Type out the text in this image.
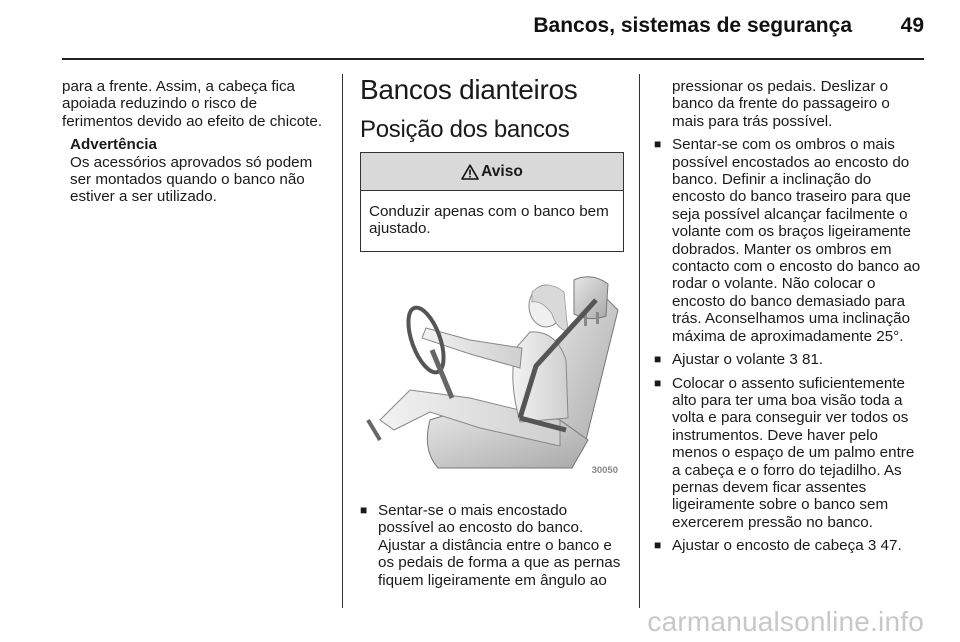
Bancos, sistemas de segurança 49

para a frente. Assim, a cabeça fica apoiada reduzindo o risco de ferimentos devido ao efeito de chicote.

Advertência
Os acessórios aprovados só podem ser montados quando o banco não estiver a ser utilizado.
Bancos dianteiros
Posição dos bancos
Aviso
Conduzir apenas com o banco bem ajustado.
30050
■ Sentar-se o mais encostado possível ao encosto do banco. Ajustar a distância entre o banco e os pedais de forma a que as pernas fiquem ligeiramente em ângulo ao
pressionar os pedais. Deslizar o banco da frente do passageiro o mais para trás possível.
■ Sentar-se com os ombros o mais possível encostados ao encosto do banco. Definir a inclinação do encosto do banco traseiro para que seja possível alcançar facilmente o volante com os braços ligeiramente dobrados. Manter os ombros em contacto com o encosto do banco ao rodar o volante. Não colocar o encosto do banco demasiado para trás. Aconselhamos uma inclinação máxima de aproximadamente 25°.
■ Ajustar o volante 3 81.
■ Colocar o assento suficientemente alto para ter uma boa visão toda a volta e para conseguir ver todos os instrumentos. Deve haver pelo menos o espaço de um palmo entre a cabeça e o forro do tejadilho. As pernas devem ficar assentes ligeiramente sobre o banco sem exercerem pressão no banco.
■ Ajustar o encosto de cabeça 3 47.
carmanualsonline.info
